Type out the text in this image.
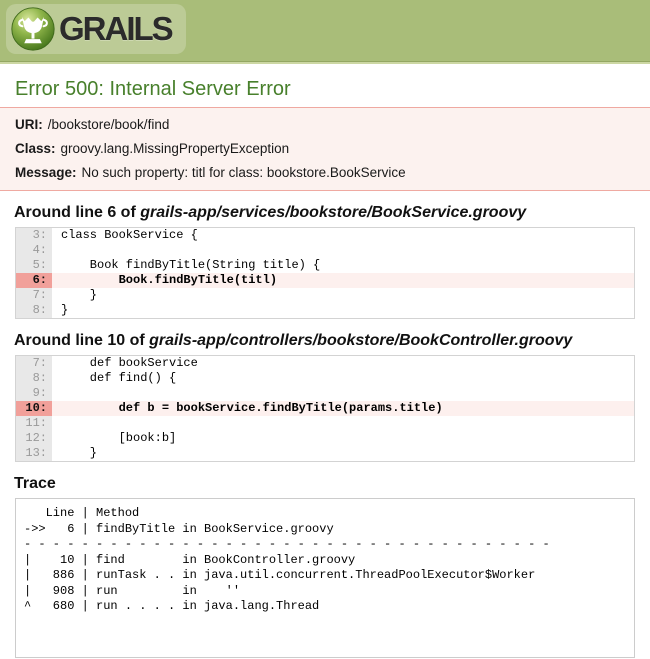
GRAILS
Error 500: Internal Server Error
URI: /bookstore/book/find
Class: groovy.lang.MissingPropertyException
Message: No such property: titl for class: bookstore.BookService
Around line 6 of grails-app/services/bookstore/BookService.groovy
3:	class BookService {
4:
5:	Book findByTitle(String title) {
6:	Book.findByTitle(titl)
7:	}
8:	}
Around line 10 of grails-app/controllers/bookstore/BookController.groovy
7:	def bookService
8:	def find() {
9:
10:	def b = bookService.findByTitle(params.title)
11:
12:	[book:b]
13:	}
Trace
Line | Method
->>   6 | findByTitle in BookService.groovy
- - - - - - - - - - - - - - - - - - - - - - - - - - - - - - - - - - - - -
|    10 | find        in BookController.groovy
|   886 | runTask . . in java.util.concurrent.ThreadPoolExecutor$Worker
|   908 | run         in    ''
^   680 | run . . . . in java.lang.Thread
